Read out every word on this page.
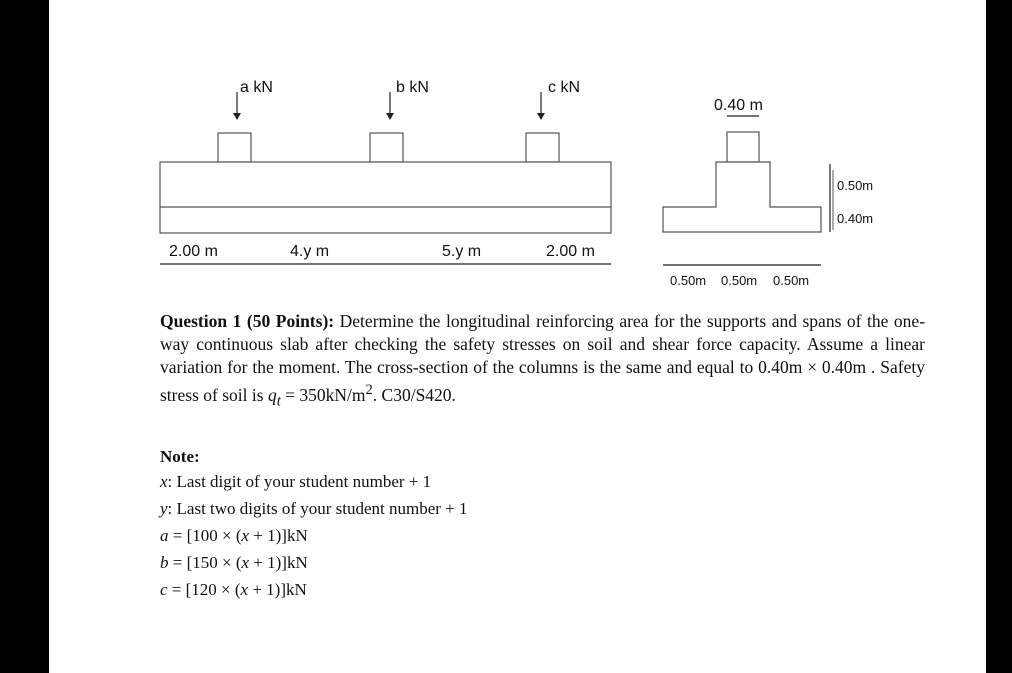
a kN	b kN	c kN
2.00 m	4.y m	5.y m	2.00 m
0.40 m
0.50m
0.40m
0.50m 0.50m 0.50m

Question 1 (50 Points): Determine the longitudinal reinforcing area for the supports and spans of the one-way continuous slab after checking the safety stresses on soil and shear force capacity. Assume a linear variation for the moment. The cross-section of the columns is the same and equal to 0.40m × 0.40m . Safety stress of soil is $q_t = 350kN/m^2$. C30/S420.

Note:
x: Last digit of your student number + 1
y: Last two digits of your student number + 1
a = [100 × (x + 1)]kN
b = [150 × (x + 1)]kN
c = [120 × (x + 1)]kN
